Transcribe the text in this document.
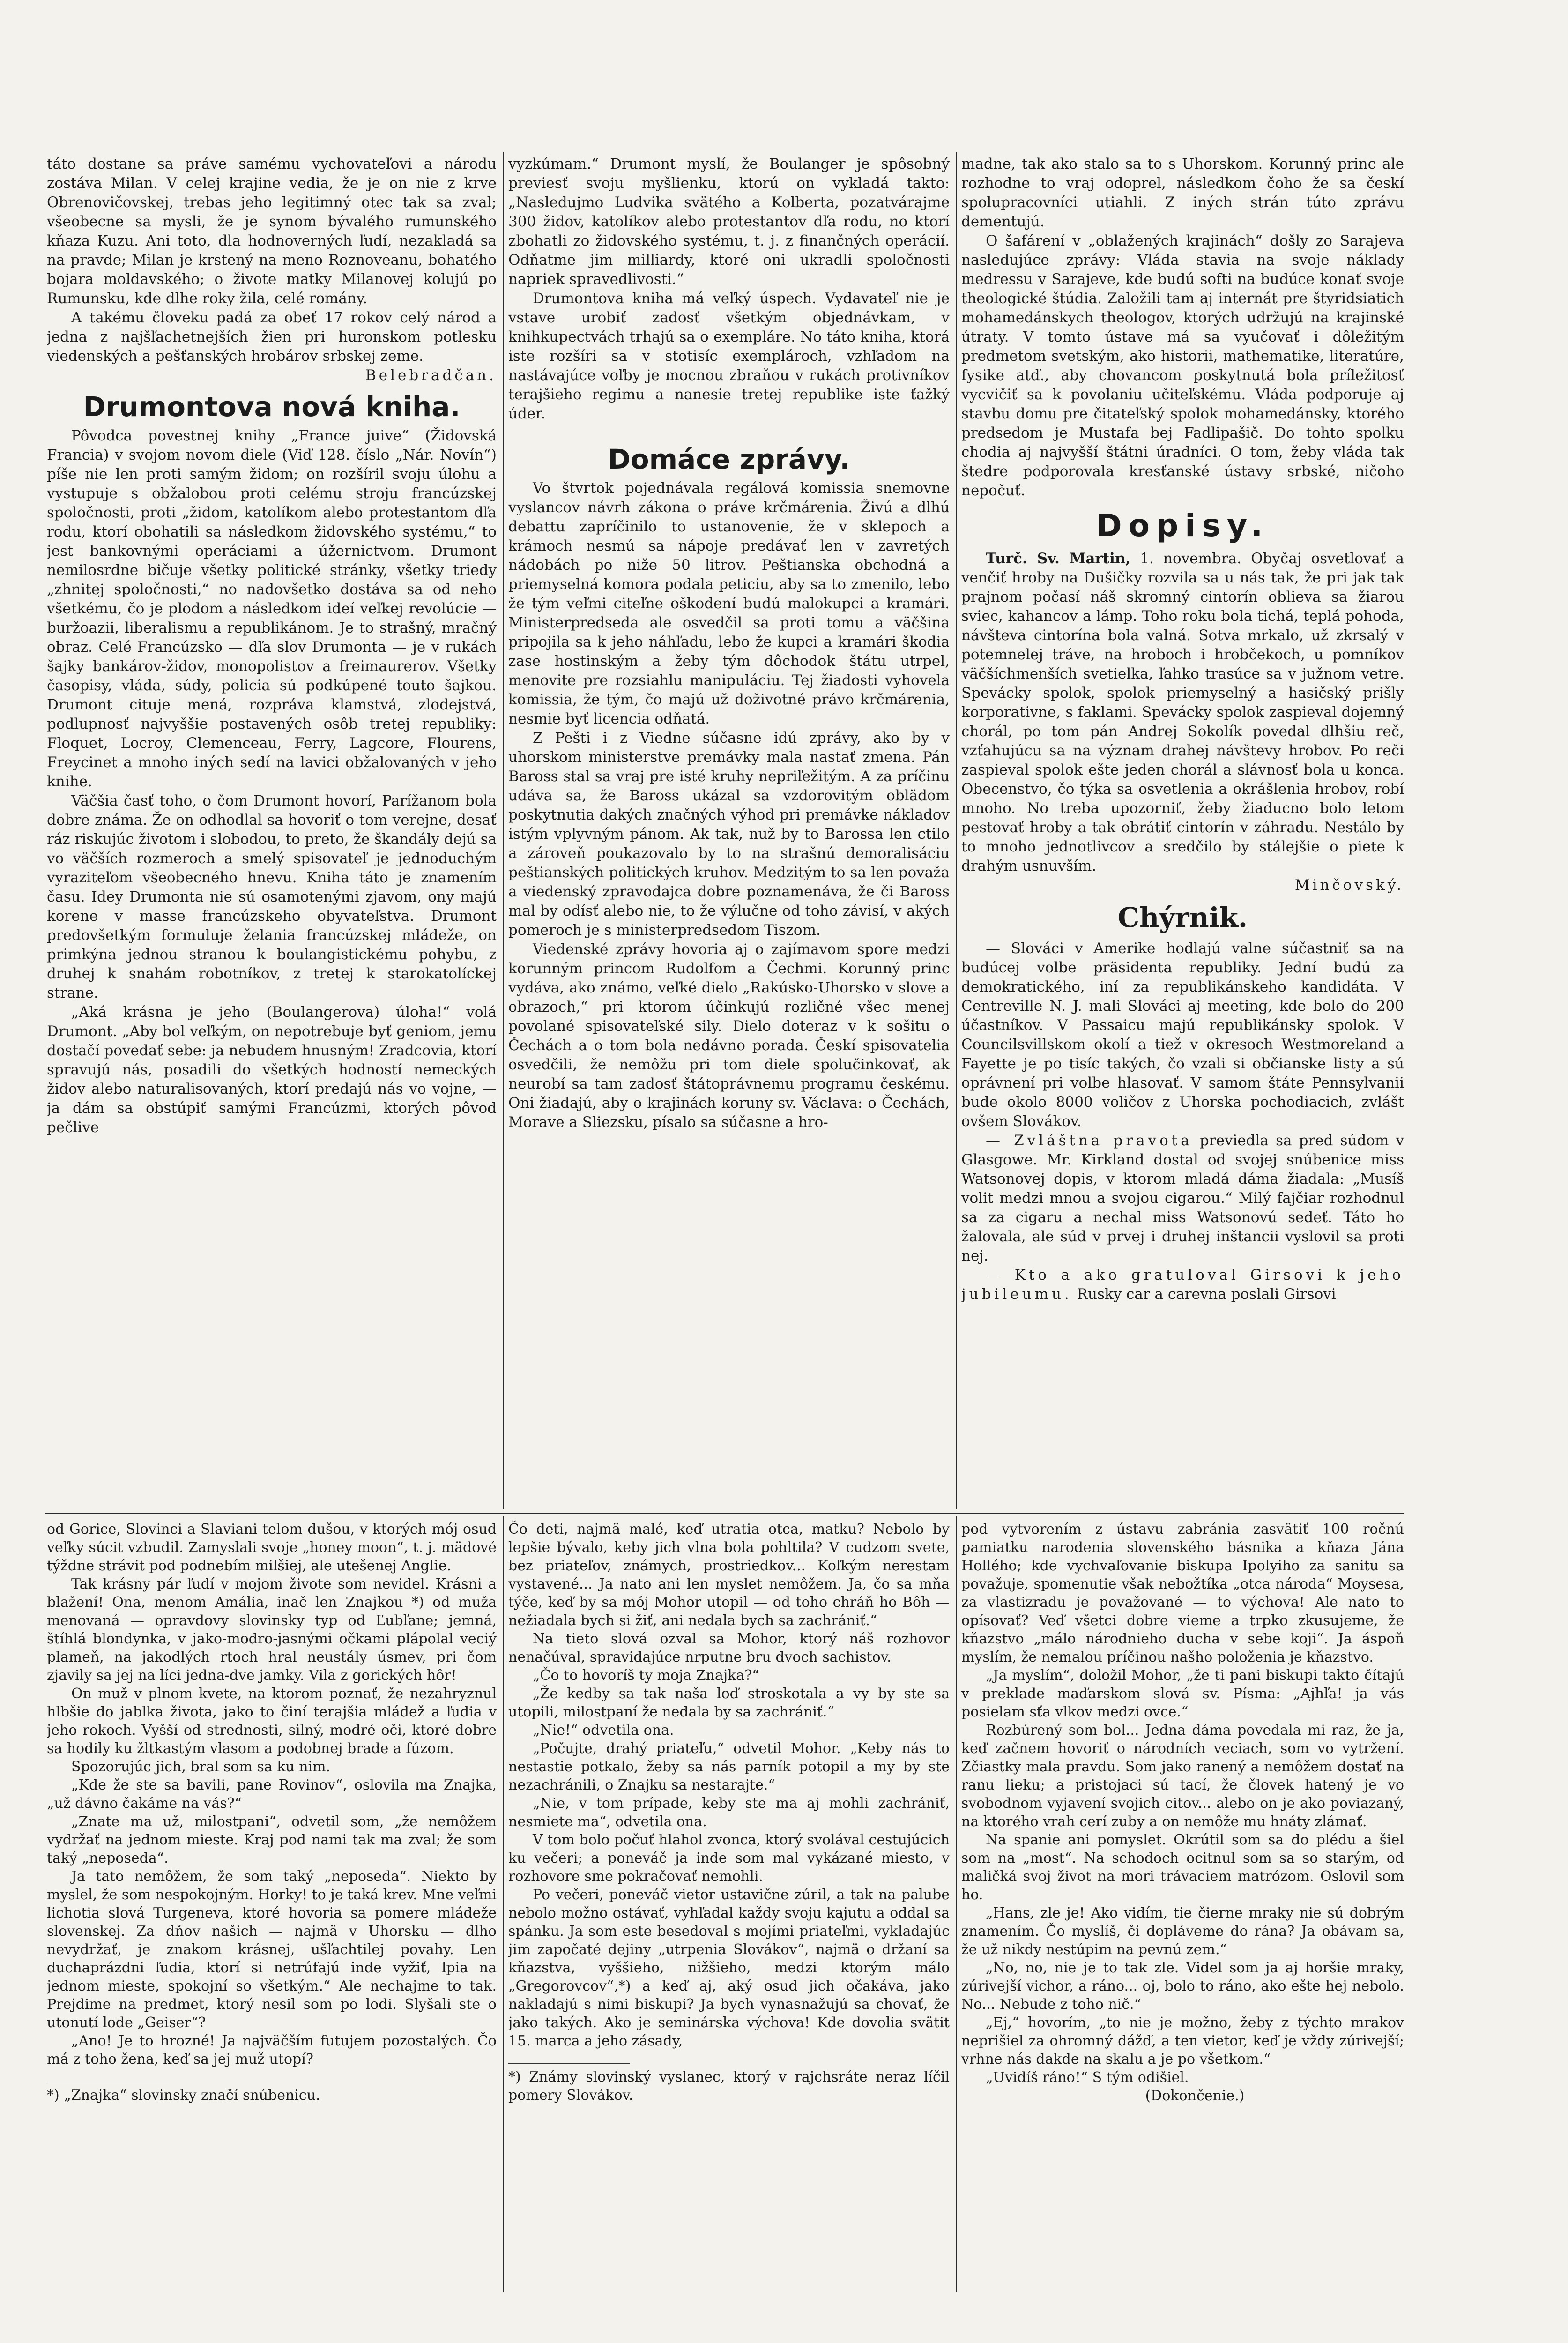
táto dostane sa práve samému vychovateľovi a národu zostáva Milan. V celej krajine vedia, že je on nie z krve Obrenovičovskej, trebas jeho legitimný otec tak sa zval; všeobecne sa mysli, že je synom bývalého rumunského kňaza Kuzu. Ani toto, dla hodnoverných ľudí, nezakladá sa na pravde; Milan je krstený na meno Roznoveanu, bohatého bojara moldavského; o živote matky Milanovej kolujú po Rumunsku, kde dlhe roky žila, celé romány.

A takému človeku padá za obeť 17 rokov celý národ a jedna z najšľachetnejších žien pri huronskom potlesku viedenských a pešťanských hrobárov srbskej zeme.

Belebradčan.
Drumontova nová kniha.

Pôvodca povestnej knihy „France juive“ (Židovská Francia) v svojom novom diele (Viď 128. číslo „Nár. Novín“) píše nie len proti samým židom; on rozšíril svoju úlohu a vystupuje s obžalobou proti celému stroju francúzskej spoločnosti, proti „židom, katolíkom alebo protestantom dľa rodu, ktorí obohatili sa následkom židovského systému,“ to jest bankovnými operáciami a úžernictvom. Drumont nemilosrdne bičuje všetky politické stránky, všetky triedy „zhnitej spoločnosti,“ no nadovšetko dostáva sa od neho všetkému, čo je plodom a následkom ideí veľkej revolúcie — buržoazii, liberalismu a republikánom. Je to strašný, mračný obraz. Celé Francúzsko — dľa slov Drumonta — je v rukách šajky bankárov-židov, monopolistov a freimaurerov. Všetky časopisy, vláda, súdy, policia sú podkúpené touto šajkou. Drumont cituje mená, rozpráva klamstvá, zlodejstvá, podlupnosť najvyššie postavených osôb tretej republiky: Floquet, Locroy, Clemenceau, Ferry, Lagcore, Flourens, Freycinet a mnoho iných sedí na lavici obžalovaných v jeho knihe.

Väčšia časť toho, o čom Drumont hovorí, Parížanom bola dobre známa. Že on odhodlal sa hovoriť o tom verejne, desať ráz riskujúc životom i slobodou, to preto, že škandály dejú sa vo väčších rozmeroch a smelý spisovateľ je jednoduchým vyraziteľom všeobecného hnevu. Kniha táto je znamením času. Idey Drumonta nie sú osamotenými zjavom, ony majú korene v masse francúzskeho obyvateľstva. Drumont predovšetkým formuluje želania francúzskej mládeže, on primkýna jednou stranou k boulangistickému pohybu, z druhej k snahám robotníkov, z tretej k starokatolíckej strane.

„Aká krásna je jeho (Boulangerova) úloha!“ volá Drumont. „Aby bol veľkým, on nepotrebuje byť geniom, jemu dostačí povedať sebe: ja nebudem hnusným! Zradcovia, ktorí spravujú nás, posadili do všetkých hodností nemeckých židov alebo naturalisovaných, ktorí predajú nás vo vojne, — ja dám sa obstúpiť samými Francúzmi, ktorých pôvod pečlive

vyzkúmam.“ Drumont myslí, že Boulanger je spôsobný previesť svoju myšlienku, ktorú on vykladá takto: „Nasledujmo Ludvika svätého a Kolberta, pozatvárajme 300 židov, katolíkov alebo protestantov dľa rodu, no ktorí zbohatli zo židovského systému, t. j. z finančných operácií. Odňatme jim milliardy, ktoré oni ukradli spoločnosti napriek spravedlivosti.“

Drumontova kniha má veľký úspech. Vydavateľ nie je vstave urobiť zadosť všetkým objednávkam, v knihkupectvách trhajú sa o exempláre. No táto kniha, ktorá iste rozšíri sa v stotisíc exemplároch, vzhľadom na nastávajúce voľby je mocnou zbraňou v rukách protivníkov terajšieho regimu a nanesie tretej republike iste ťažký úder.

Domáce zprávy.

Vo štvrtok pojednávala regálová komissia snemovne vyslancov návrh zákona o práve krčmárenia. Živú a dlhú debattu zapríčinilo to ustanovenie, že v sklepoch a krámoch nesmú sa nápoje predávať len v zavretých nádobách po niže 50 litrov. Peštianska obchodná a priemyselná komora podala peticiu, aby sa to zmenilo, lebo že tým veľmi citeľne oškodení budú malokupci a kramári. Ministerpredseda ale osvedčil sa proti tomu a väčšina pripojila sa k jeho náhľadu, lebo že kupci a kramári škodia zase hostinským a žeby tým dôchodok štátu utrpel, menovite pre rozsiahlu manipuláciu. Tej žiadosti vyhovela komissia, že tým, čo majú už doživotné právo krčmárenia, nesmie byť licencia odňatá.

Z Pešti i z Viedne súčasne idú zprávy, ako by v uhorskom ministerstve premávky mala nastať zmena. Pán Baross stal sa vraj pre isté kruhy nepriľežitým. A za príčinu udáva sa, že Baross ukázal sa vzdorovitým oblädom poskytnutia dakých značných výhod pri premávke nákladov istým vplyvným pánom. Ak tak, nuž by to Barossa len ctilo a zároveň poukazovalo by to na strašnú demoralisáciu peštianských politických kruhov. Medzitým to sa len považa a viedenský zpravodajca dobre poznamenáva, že či Baross mal by odísť alebo nie, to že výlučne od toho závisí, v akých pomeroch je s ministerpredsedom Tiszom.

Viedenské zprávy hovoria aj o zajímavom spore medzi korunným princom Rudolfom a Čechmi. Korunný princ vydáva, ako známo, veľké dielo „Rakúsko-Uhorsko v slove a obrazoch,“ pri ktorom účinkujú rozličné všec menej povolané spisovateľské sily. Dielo doteraz v k sošitu o Čechách a o tom bola nedávno porada. Českí spisovatelia osvedčili, že nemôžu pri tom diele spolučinkovať, ak neurobí sa tam zadosť štátoprávnemu programu českému. Oni žiadajú, aby o krajinách koruny sv. Václava: o Čechách, Morave a Sliezsku, písalo sa súčasne a hro-

madne, tak ako stalo sa to s Uhorskom. Korunný princ ale rozhodne to vraj odoprel, následkom čoho že sa českí spolupracovníci utiahli. Z iných strán túto zprávu dementujú.

O šafárení v „oblažených krajinách“ došly zo Sarajeva nasledujúce zprávy: Vláda stavia na svoje náklady medressu v Sarajeve, kde budú softi na budúce konať svoje theologické štúdia. Založili tam aj internát pre štyridsiatich mohamedánskych theologov, ktorých udržujú na krajinské útraty. V tomto ústave má sa vyučovať i dôležitým predmetom svetským, ako historii, mathematike, literatúre, fysike atď., aby chovancom poskytnutá bola príležitosť vycvičiť sa k povolaniu učiteľskému. Vláda podporuje aj stavbu domu pre čitateľský spolok mohamedánsky, ktorého predsedom je Mustafa bej Fadlipašič. Do tohto spolku chodia aj najvyšší štátni úradníci. O tom, žeby vláda tak štedre podporovala kresťanské ústavy srbské, ničoho nepočuť.

Dopisy.

Turč. Sv. Martin, 1. novembra. Obyčaj osvetlovať a venčiť hroby na Dušičky rozvila sa u nás tak, že pri jak tak prajnom počasí náš skromný cintorín oblieva sa žiarou sviec, kahancov a lámp. Toho roku bola tichá, teplá pohoda, návšteva cintorína bola valná. Sotva mrkalo, už zkrsalý v potemnelej tráve, na hroboch i hrobčekoch, u pomníkov väčšíchmenších svetielka, ľahko trasúce sa v južnom vetre. Spevácky spolok, spolok priemyselný a hasičský prišly korporativne, s faklami. Spevácky spolok zaspieval dojemný chorál, po tom pán Andrej Sokolík povedal dlhšiu reč, vzťahujúcu sa na význam drahej návštevy hrobov. Po reči zaspieval spolok ešte jeden chorál a slávnosť bola u konca. Obecenstvo, čo týka sa osvetlenia a okrášlenia hrobov, robí mnoho. No treba upozorniť, žeby žiaducno bolo letom pestovať hroby a tak obrátiť cintorín v záhradu. Nestálo by to mnoho jednotlivcov a sredčilo by stálejšie o piete k drahým usnuvším.

Minčovský.
Chýrnik.

— Slováci v Amerike hodlajú valne súčastniť sa na budúcej volbe präsidenta republiky. Jední budú za demokratického, iní za republikánskeho kandidáta. V Centreville N. J. mali Slováci aj meeting, kde bolo do 200 účastníkov. V Passaicu majú republikánsky spolok. V Councilsvillskom okolí a tiež v okresoch Westmoreland a Fayette je po tisíc takých, čo vzali si občianske listy a sú oprávnení pri volbe hlasovať. V samom štáte Pennsylvanii bude okolo 8000 voličov z Uhorska pochodiacich, zvlášt ovšem Slovákov.

— Zvláštna pravota previedla sa pred súdom v Glasgowe. Mr. Kirkland dostal od svojej snúbenice miss Watsonovej dopis, v ktorom mladá dáma žiadala: „Musíš volit medzi mnou a svojou cigarou.“ Milý fajčiar rozhodnul sa za cigaru a nechal miss Watsonovú sedeť. Táto ho žalovala, ale súd v prvej i druhej inštancii vyslovil sa proti nej.

— Kto a ako gratuloval Girsovi k jeho jubileumu. Rusky car a carevna poslali Girsovi

od Gorice, Slovinci a Slaviani telom dušou, v ktorých mój osud veľky súcit vzbudil. Zamyslali svoje „honey moon“, t. j. mädové týždne strávit pod podnebím milšiej, ale utešenej Anglie.

Tak krásny pár ľudí v mojom živote som nevidel. Krásni a blažení! Ona, menom Amália, inač len Znajkou *) od muža menovaná — opravdovy slovinsky typ od Ľubľane; jemná, štíhlá blondynka, v jako-modro-jasnými očkami plápolal veciý plameň, na jakodlých rtoch hral neustály úsmev, pri čom zjavily sa jej na líci jedna-dve jamky. Vila z gorických hôr!

On muž v plnom kvete, na ktorom poznať, že nezahryznul hlbšie do jablka života, jako to činí terajšia mládež a ľudia v jeho rokoch. Vyšší od strednosti, silný, modré oči, ktoré dobre sa hodily ku žltkastým vlasom a podobnej brade a fúzom.

Spozorujúc jich, bral som sa ku nim.

„Kde že ste sa bavili, pane Rovinov“, oslovila ma Znajka, „už dávno čakáme na vás?“

„Znate ma už, milostpani“, odvetil som, „že nemôžem vydržať na jednom mieste. Kraj pod nami tak ma zval; že som taký „neposeda“.

Ja tato nemôžem, že som taký „neposeda“. Niekto by myslel, že som nespokojným. Horky! to je taká krev. Mne veľmi lichotia slová Turgeneva, ktoré hovoria sa pomere mládeže slovenskej. Za dňov našich — najmä v Uhorsku — dlho nevydržať, je znakom krásnej, ušľachtilej povahy. Len duchaprázdni ľudia, ktorí si netrúfajú inde vyžiť, lpia na jednom mieste, spokojní so všetkým.“ Ale nechajme to tak. Prejdime na predmet, ktorý nesil som po lodi. Slyšali ste o utonutí lode „Geiser“?

„Ano! Je to hrozné! Ja najväčším futujem pozostalých. Čo má z toho žena, keď sa jej muž utopí?

*) „Znajka“ slovinsky značí snúbenicu.

Čo deti, najmä malé, keď utratia otca, matku? Nebolo by lepšie bývalo, keby jich vlna bola pohltila? V cudzom svete, bez priateľov, známych, prostriedkov... Koľkým nerestam vystavené... Ja nato ani len myslet nemôžem. Ja, čo sa mňa týče, keď by sa mój Mohor utopil — od toho chráň ho Bôh — nežiadala bych si žiť, ani nedala bych sa zachrániť.“

Na tieto slová ozval sa Mohor, ktorý náš rozhovor nenačúval, spravidajúce nrputne bru dvoch sachistov.

„Čo to hovoríš ty moja Znajka?“

„Že kedby sa tak naša loď stroskotala a vy by ste sa utopili, milostpaní že nedala by sa zachrániť.“

„Nie!“ odvetila ona.

„Počujte, drahý priateľu,“ odvetil Mohor. „Keby nás to nestastie potkalo, žeby sa nás parník potopil a my by ste nezachránili, o Znajku sa nestarajte.“

„Nie, v tom prípade, keby ste ma aj mohli zachrániť, nesmiete ma“, odvetila ona.

V tom bolo počuť hlahol zvonca, ktorý svolával cestujúcich ku večeri; a poneváč ja inde som mal vykázané miesto, v rozhovore sme pokračovať nemohli.

Po večeri, poneváč vietor ustavične zúril, a tak na palube nebolo možno ostávať, vyhľadal každy svoju kajutu a oddal sa spánku. Ja som este besedoval s mojími priateľmi, vykladajúc jim započaté dejiny „utrpenia Slovákov“, najmä o držaní sa kňazstva, vyššieho, nižšieho, medzi ktorým málo „Gregorovcov“,*) a keď aj, aký osud jich očakáva, jako nakladajú s nimi biskupi? Ja bych vynasnažujú sa chovať, že jako takých. Ako je seminárska výchova! Kde dovolia svätit 15. marca a jeho zásady,

*) Známy slovinský vyslanec, ktorý v rajchsráte neraz líčil pomery Slovákov.

pod vytvorením z ústavu zabránia zasvätiť 100 ročnú pamiatku narodenia slovenského básnika a kňaza Jána Hollého; kde vychvaľovanie biskupa Ipolyiho za sanitu sa považuje, spomenutie však nebožtíka „otca národa“ Moysesa, za vlastizradu je považované — to výchova! Ale nato to opísovať? Veď všetci dobre vieme a trpko zkusujeme, že kňazstvo „málo národnieho ducha v sebe koji“. Ja áspoň myslím, že nemalou príčinou našho položenia je kňazstvo.

„Ja myslím“, doložil Mohor, „že ti pani biskupi takto čítajú v preklade maďarskom slová sv. Písma: „Ajhľa! ja vás posielam sťa vlkov medzi ovce.“

Rozbúrený som bol... Jedna dáma povedala mi raz, že ja, keď začnem hovoriť o národních veciach, som vo vytržení. Zčiastky mala pravdu. Som jako ranený a nemôžem dostať na ranu lieku; a pristojaci sú tací, že človek hatený je vo svobodnom vyjavení svojich citov... alebo on je ako poviazaný, na ktorého vrah cerí zuby a on nemôže mu hnáty zlámať.

Na spanie ani pomyslet. Okrútil som sa do plédu a šiel som na „most“. Na schodoch ocitnul som sa so starým, od maličká svoj život na mori trávaciem matrózom. Oslovil som ho.

„Hans, zle je! Ako vidím, tie čierne mraky nie sú dobrým znamením. Čo myslíš, či dopláveme do rána? Ja obávam sa, že už nikdy nestúpim na pevnú zem.“

„No, no, nie je to tak zle. Videl som ja aj horšie mraky, zúrivejší vichor, a ráno... oj, bolo to ráno, ako ešte hej nebolo. No... Nebude z toho nič.“

„Ej,“ hovorím, „to nie je možno, žeby z týchto mrakov neprišiel za ohromný dážď, a ten vietor, keď je vždy zúrivejší; vrhne nás dakde na skalu a je po všetkom.“

„Uvidíš ráno!“ S tým odišiel.

(Dokončenie.)
